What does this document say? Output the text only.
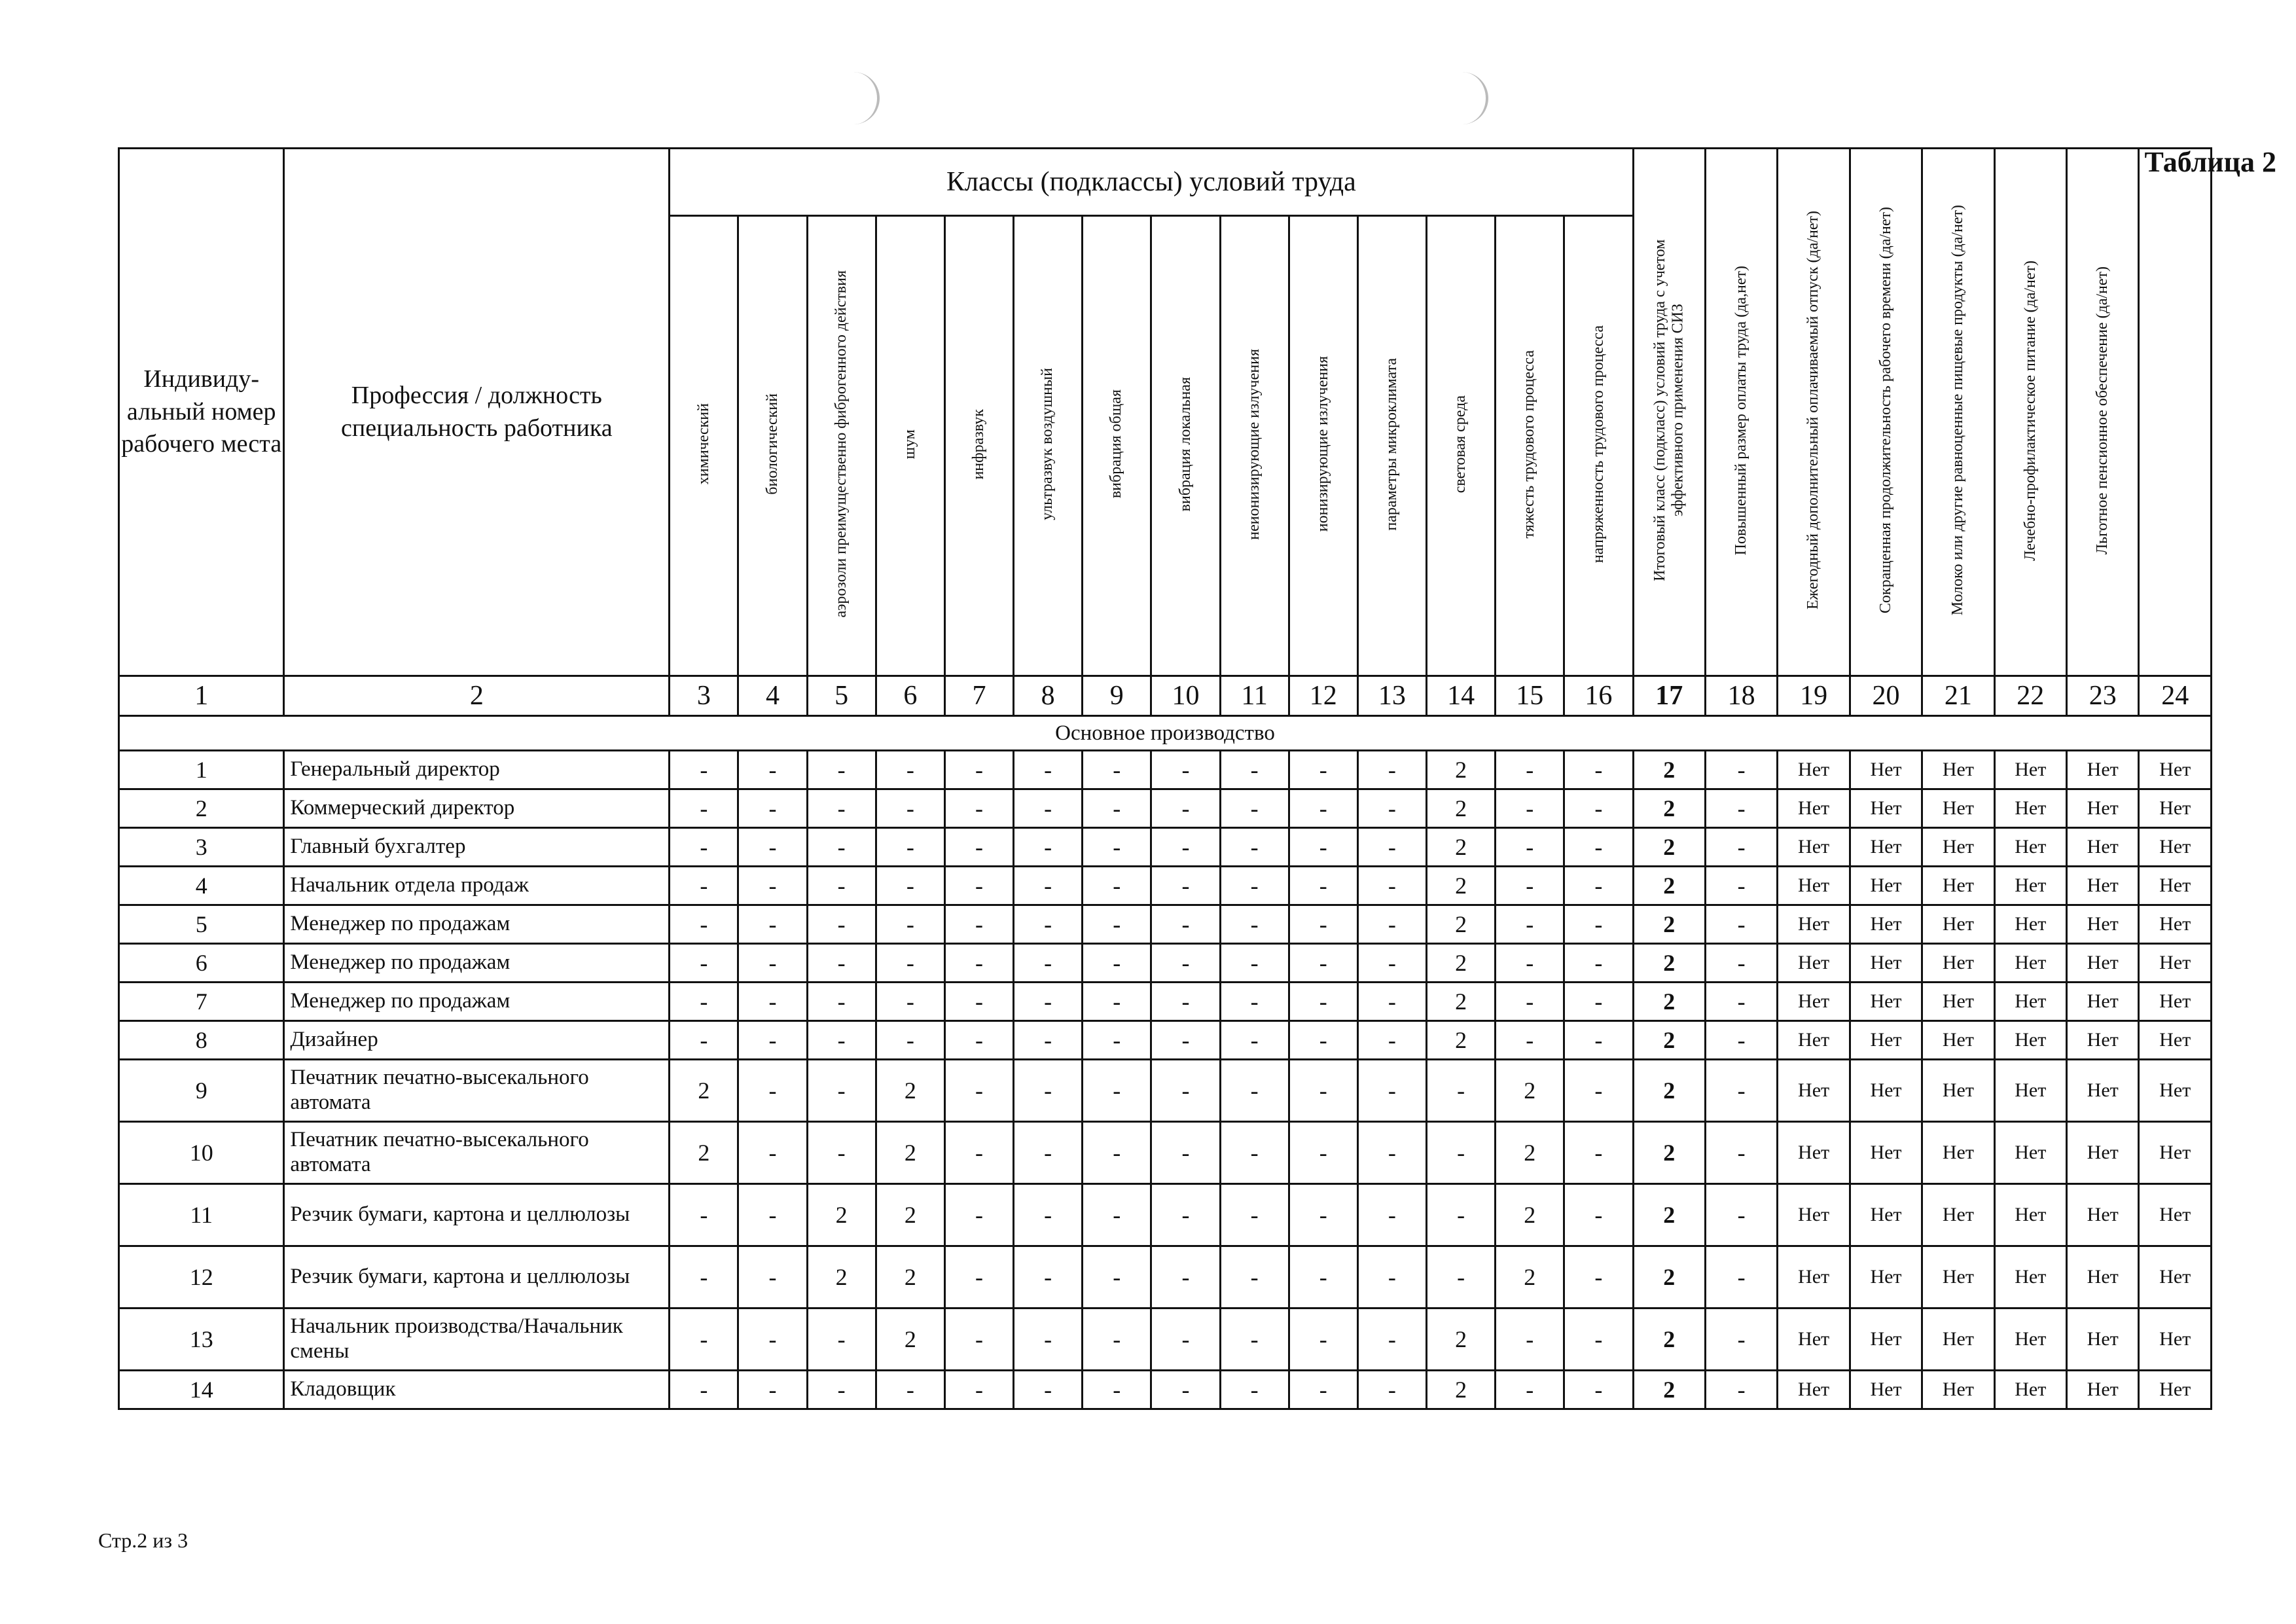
Таблица 2
Индивиду-альный номер рабочего места	Профессия / должность специальность работника	Классы (подклассы) условий труда														Итоговый класс (подкласс) условий труда с учетом эффективного применения СИЗ	Повышенный размер оплаты труда (да,нет)	Ежегодный дополнительный оплачиваемый отпуск (да/нет)	Сокращенная продолжительность рабочего времени (да/нет)	Молоко или другие равноценные пищевые продукты (да/нет)	Лечебно-профилактическое питание (да/нет)	Льготное пенсионное обеспечение (да/нет)	
		химический	биологический	аэрозоли преимущественно фиброгенного действия	шум	инфразвук	ультразвук воздушный	вибрация общая	вибрация локальная	неионизирующие излучения	ионизирующие излучения	параметры микроклимата	световая среда	тяжесть трудового процесса	напряженность трудового процесса								
1	2	3	4	5	6	7	8	9	10	11	12	13	14	15	16	17	18	19	20	21	22	23	24
Основное производство																							
1	Генеральный директор	-	-	-	-	-	-	-	-	-	-	-	2	-	-	2	-	Нет	Нет	Нет	Нет	Нет	Нет
2	Коммерческий директор	-	-	-	-	-	-	-	-	-	-	-	2	-	-	2	-	Нет	Нет	Нет	Нет	Нет	Нет
3	Главный бухгалтер	-	-	-	-	-	-	-	-	-	-	-	2	-	-	2	-	Нет	Нет	Нет	Нет	Нет	Нет
4	Начальник отдела продаж	-	-	-	-	-	-	-	-	-	-	-	2	-	-	2	-	Нет	Нет	Нет	Нет	Нет	Нет
5	Менеджер по продажам	-	-	-	-	-	-	-	-	-	-	-	2	-	-	2	-	Нет	Нет	Нет	Нет	Нет	Нет
6	Менеджер по продажам	-	-	-	-	-	-	-	-	-	-	-	2	-	-	2	-	Нет	Нет	Нет	Нет	Нет	Нет
7	Менеджер по продажам	-	-	-	-	-	-	-	-	-	-	-	2	-	-	2	-	Нет	Нет	Нет	Нет	Нет	Нет
8	Дизайнер	-	-	-	-	-	-	-	-	-	-	-	2	-	-	2	-	Нет	Нет	Нет	Нет	Нет	Нет
9	Печатник печатно-высекального автомата	2	-	-	2	-	-	-	-	-	-	-	-	2	-	2	-	Нет	Нет	Нет	Нет	Нет	Нет
10	Печатник печатно-высекального автомата	2	-	-	2	-	-	-	-	-	-	-	-	2	-	2	-	Нет	Нет	Нет	Нет	Нет	Нет
11	Резчик бумаги, картона и целлюлозы	-	-	2	2	-	-	-	-	-	-	-	-	2	-	2	-	Нет	Нет	Нет	Нет	Нет	Нет
12	Резчик бумаги, картона и целлюлозы	-	-	2	2	-	-	-	-	-	-	-	-	2	-	2	-	Нет	Нет	Нет	Нет	Нет	Нет
13	Начальник производства/Начальник смены	-	-	-	2	-	-	-	-	-	-	-	2	-	-	2	-	Нет	Нет	Нет	Нет	Нет	Нет
14	Кладовщик	-	-	-	-	-	-	-	-	-	-	-	2	-	-	2	-	Нет	Нет	Нет	Нет	Нет	Нет
Стр.2 из 3
